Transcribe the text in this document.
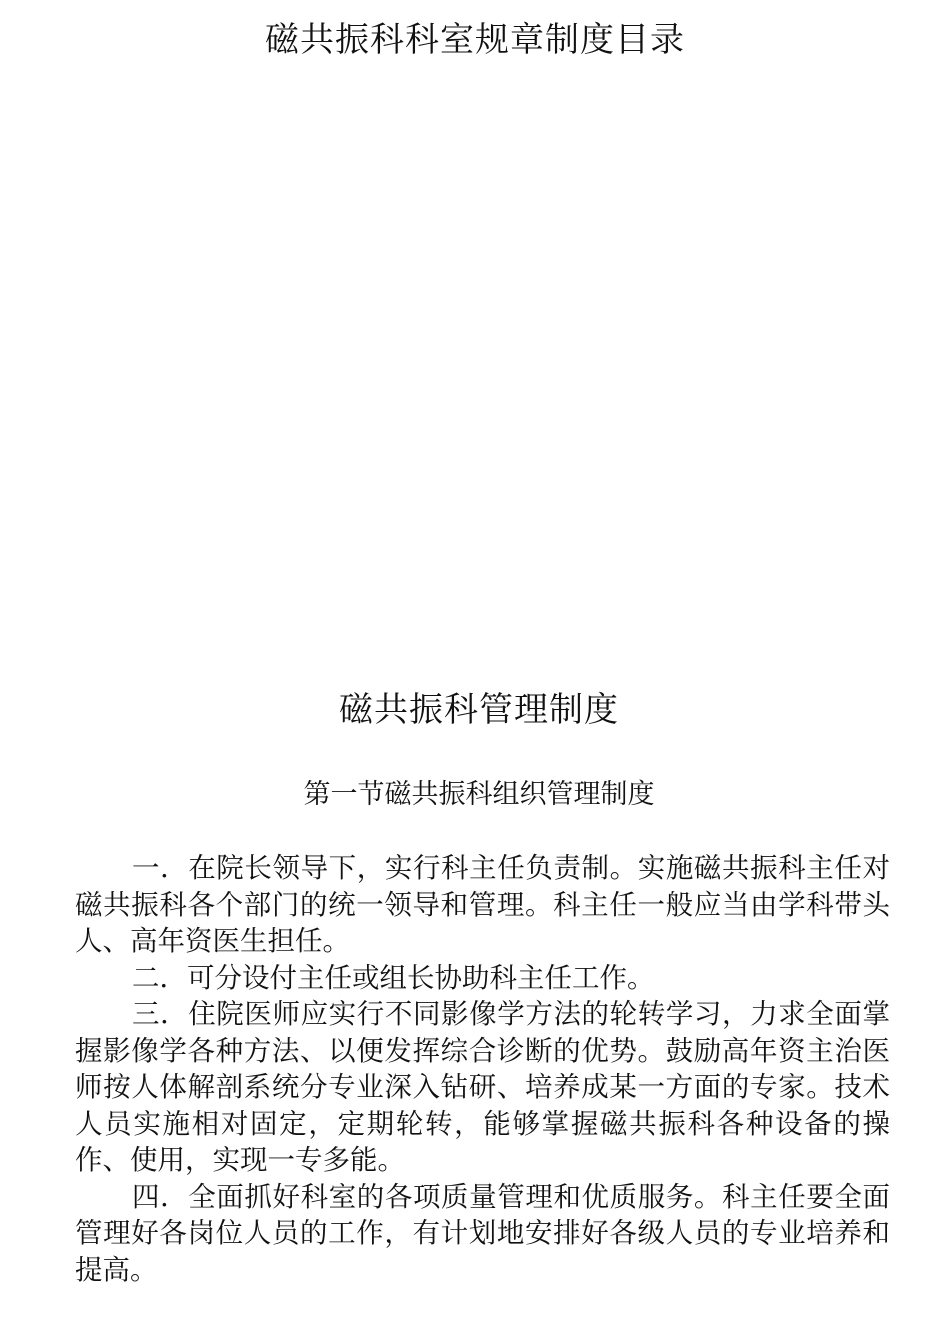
磁共振科科室规章制度目录
磁共振科管理制度
第一节磁共振科组织管理制度

一．在院长领导下，实行科主任负责制。实施磁共振科主任对磁共振科各个部门的统一领导和管理。科主任一般应当由学科带头人、高年资医生担任。

二．可分设付主任或组长协助科主任工作。

三．住院医师应实行不同影像学方法的轮转学习，力求全面掌握影像学各种方法、以便发挥综合诊断的优势。鼓励高年资主治医师按人体解剖系统分专业深入钻研、培养成某一方面的专家。技术人员实施相对固定，定期轮转，能够掌握磁共振科各种设备的操作、使用，实现一专多能。

四．全面抓好科室的各项质量管理和优质服务。科主任要全面管理好各岗位人员的工作，有计划地安排好各级人员的专业培养和提高。
